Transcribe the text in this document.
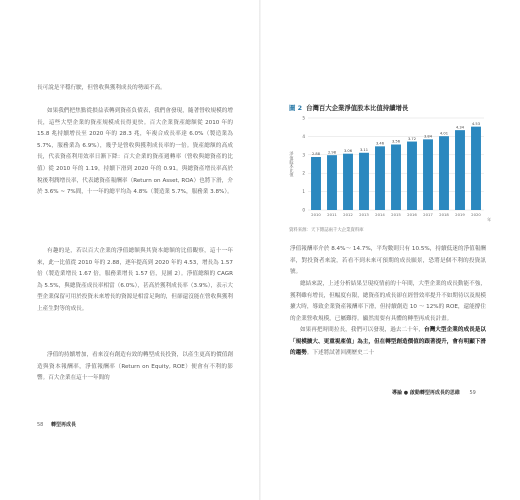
長可說是平穩行駛，但營收與獲利成長的勢頭不高。

如果我們把焦點從損益表轉到資產負債表，我們會發現，隨著營收規模的增長，這些大型企業的資產規模成長得更快。百大企業資產總額從 2010 年的 15.8 兆持續增長至 2020 年的 28.3 兆，年複合成長率達 6.0%（製造業為 5.7%，服務業為 6.9%），幾乎是營收與獲利成長率的一倍。資產總額的高成長，代表資產利用效率日漸下降：百大企業的資產週轉率（營收與總資產的比值）從 2010 年的 1.19，持續下滑到 2020 年的 0.91。與總資產增長率高於稅後利潤增長率，代表總資產報酬率（Return on Asset, ROA）也將下滑，介於 3.6% ~ 7%間，十一年的總平均為 4.8%（製造業 5.7%，服務業 3.8%）。

有趣的是，若以百大企業的淨值總額與其資本總額的比值觀察，這十一年來，此一比值從 2010 年的 2.88，逐年提高到 2020 年的 4.53，增長為 1.57 倍（製造業增長 1.67 倍，服務業增長 1.57 倍，見圖 2）。淨值總額的 CAGR 為 5.5%，與總資產成長率相當（6.0%），甚高於獲利成長率（3.9%），表示大型企業保留可用於投資未來增長的資源是相當足夠的，但卻還沒能在營收與獲利上產生對等的成長。

淨值的持續增加，看來沒有創造有效的轉型成長投資，以產生更高的價值創造與資本報酬率，淨值報酬率（Return on Equity, ROE）便會有不利的影響。百大企業在這十一年間的

58 轉型再成長
圖 2 台灣百大企業淨值股本比值持續增長
0
1
2
3
4
5
淨值股本比值	2.88
2010
2.98
2011
3.06
2012
3.11
2013
3.46
2014
3.56
2015
3.72
2016
3.84
2017
4.01
2018
4.34
2019
4.53
2020
年
資料來源：天下雜誌兩千大企業資料庫

淨值報酬率介於 8.4%～ 14.7%，平均數則只有 10.5%，持續低迷的淨值報酬率，對投資者來說，若看不到未來可預期的成長願景，恐將是個不利的投資訊號。

總結來說，上述分析結果呈現疫情前的十年間，大型企業的成長動能不強，獲利雖有增長，但幅度有限，總資產的成長卻在經營效率提升不如期待以及規模擴大時，導致企業資產報酬率下滑，但持續創造 10 ～ 12%的 ROE，還能撐住的企業營收規模，已屬難得。顯然需要有具體的轉型再成長計畫。

如果再把時間拉長，我們可以發現，過去二十年，台灣大型企業的成長是以「規模擴大、更重視產值」為主，但在轉型創造價值的跟著提升，會有明顯下滑的趨勢。下述將試著回溯歷史二十

導論 ● 啟動轉型再成長的思維 59
